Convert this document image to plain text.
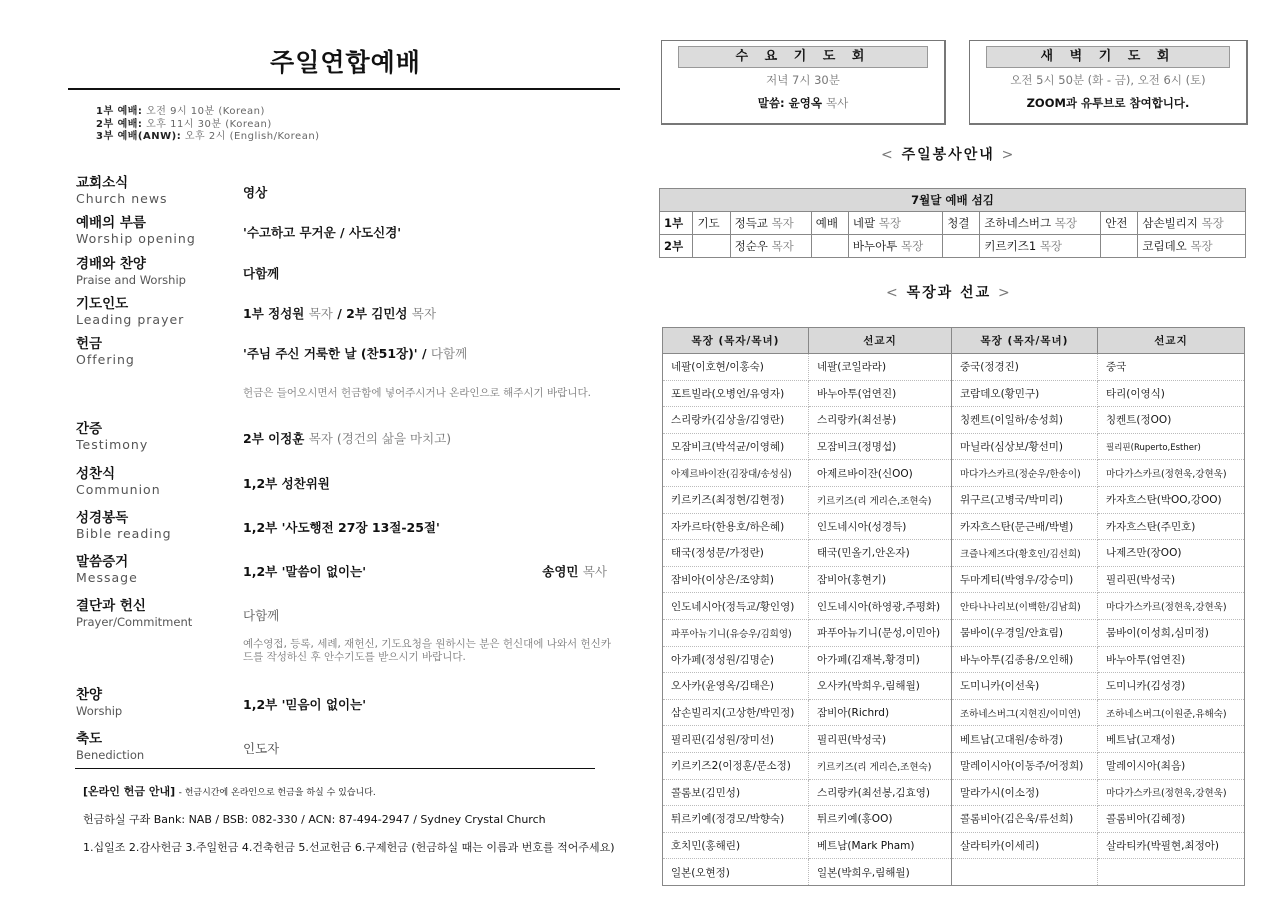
주일연합예배
1부 예배: 오전 9시 10분 (Korean)
2부 예배: 오후 11시 30분 (Korean)
3부 예배(ANW): 오후 2시 (English/Korean)
교회소식
Church news	영상
예배의 부름
Worship opening	'수고하고 무거운 / 사도신경'
경배와 찬양
Praise and Worship	다함께
기도인도
Leading prayer	1부 정성원 목자 / 2부 김민성 목자
헌금
Offering	'주님 주신 거룩한 날 (찬51장)' / 다함께
헌금은 들어오시면서 헌금함에 넣어주시거나 온라인으로 해주시기 바랍니다.
간증
Testimony	2부 이정훈 목자 (경건의 삶을 마치고)
성찬식
Communion	1,2부 성찬위원
성경봉독
Bible reading	1,2부 '사도행전 27장 13절-25절'
말씀증거
Message	1,2부 '말씀이 없이는'	송영민 목사
결단과 헌신
Prayer/Commitment	다함께
예수영접, 등록, 세례, 재헌신, 기도요청을 원하시는 분은 헌신대에 나와서 헌신카드를 작성하신 후 안수기도를 받으시기 바랍니다.
찬양
Worship	1,2부 '믿음이 없이는'
축도
Benediction	인도자

[온라인 헌금 안내] - 헌금시간에 온라인으로 헌금을 하실 수 있습니다.

헌금하실 구좌 Bank: NAB / BSB: 082-330 / ACN: 87-494-2947 / Sydney Crystal Church

1.십일조 2.감사헌금 3.주일헌금 4.건축헌금 5.선교헌금 6.구제헌금 (헌금하실 때는 이름과 번호를 적어주세요)

수 요 기 도 회
저녁 7시 30분
말씀: 윤영옥 목사
새 벽 기 도 회
오전 5시 50분 (화 - 금), 오전 6시 (토)
ZOOM과 유투브로 참여합니다.
< 주일봉사안내 >
7월달 예배 섬김								
1부	기도	정득교 목자	예배	네팔 목장	청결	조하네스버그 목장	안전	삼손빌리지 목장
2부		정순우 목자		바누아투 목장		키르키즈1 목장		코림데오 목장
< 목장과 선교 >
목장 (목자/목녀)	선교지	목장 (목자/목녀)	선교지
네팔(이호현/이홍숙)	네팔(코일라라)	중국(정경진)	중국
포트빌라(오병언/유영자)	바누아투(엄연진)	코람데오(황민구)	타리(이영식)
스리랑카(김상울/김영란)	스리랑카(최선봉)	칭켄트(이일하/송성희)	칭켄트(정OO)
모잠비크(박석균/이영혜)	모잠비크(정명섭)	마닐라(심상보/황선미)	필리핀(Ruperto,Esther)
아제르바이잔(김장대/송성심)	아제르바이잔(신OO)	마다가스카르(정순우/한송이)	마다가스카르(정현욱,강현욱)
키르키즈(최정현/김현정)	키르키즈(리 게리슨,조현숙)	위구르(고병국/박미리)	카자흐스탄(박OO,강OO)
자카르타(한용호/하은혜)	인도네시아(성경득)	카자흐스탄(문근배/박별)	카자흐스탄(주민호)
태국(정성문/가정란)	태국(민올기,안온자)	크즐나제즈다(황호인/김선희)	나제즈만(장OO)
잠비아(이상은/조양희)	잠비아(홍현기)	두마게티(박영우/강승미)	필리핀(박성국)
인도네시아(정득교/황인영)	인도네시아(하영광,주평화)	안타나나리보(이백한/김남희)	마다가스카르(정현욱,강현욱)
파푸아뉴기니(유승우/김희영)	파푸아뉴기니(문성,이민아)	뭄바이(우경일/안효림)	뭄바이(이성희,심미정)
아가페(정성원/김명순)	아가페(김재복,황경미)	바누아투(김종용/오인해)	바누아투(엄연진)
오사카(윤영옥/김태은)	오사카(박희우,림해월)	도미니카(이선욱)	도미니카(김성경)
삼손빌리지(고상한/박민정)	잠비아(Richrd)	조하네스버그(지현진/이미연)	조하네스버그(이원준,유해숙)
필리핀(김성원/장미선)	필리핀(박성국)	베트남(고대원/송하경)	베트남(고재성)
키르키즈2(이정훈/문소정)	키르키즈(리 게리슨,조현숙)	말레이시아(이동주/어정희)	말레이시아(최음)
콜롬보(김민성)	스리랑카(최선봉,김효영)	말라가시(이소정)	마다가스카르(정현욱,강현욱)
튀르키예(정경모/박향숙)	튀르키예(홍OO)	콜롬비아(김은욱/류선희)	콜롬비아(김혜정)
호치민(홍해린)	베트남(Mark Pham)	살라티카(이세리)	살라티카(박필현,최정아)
일본(오현정)	일본(박희우,림해월)		
